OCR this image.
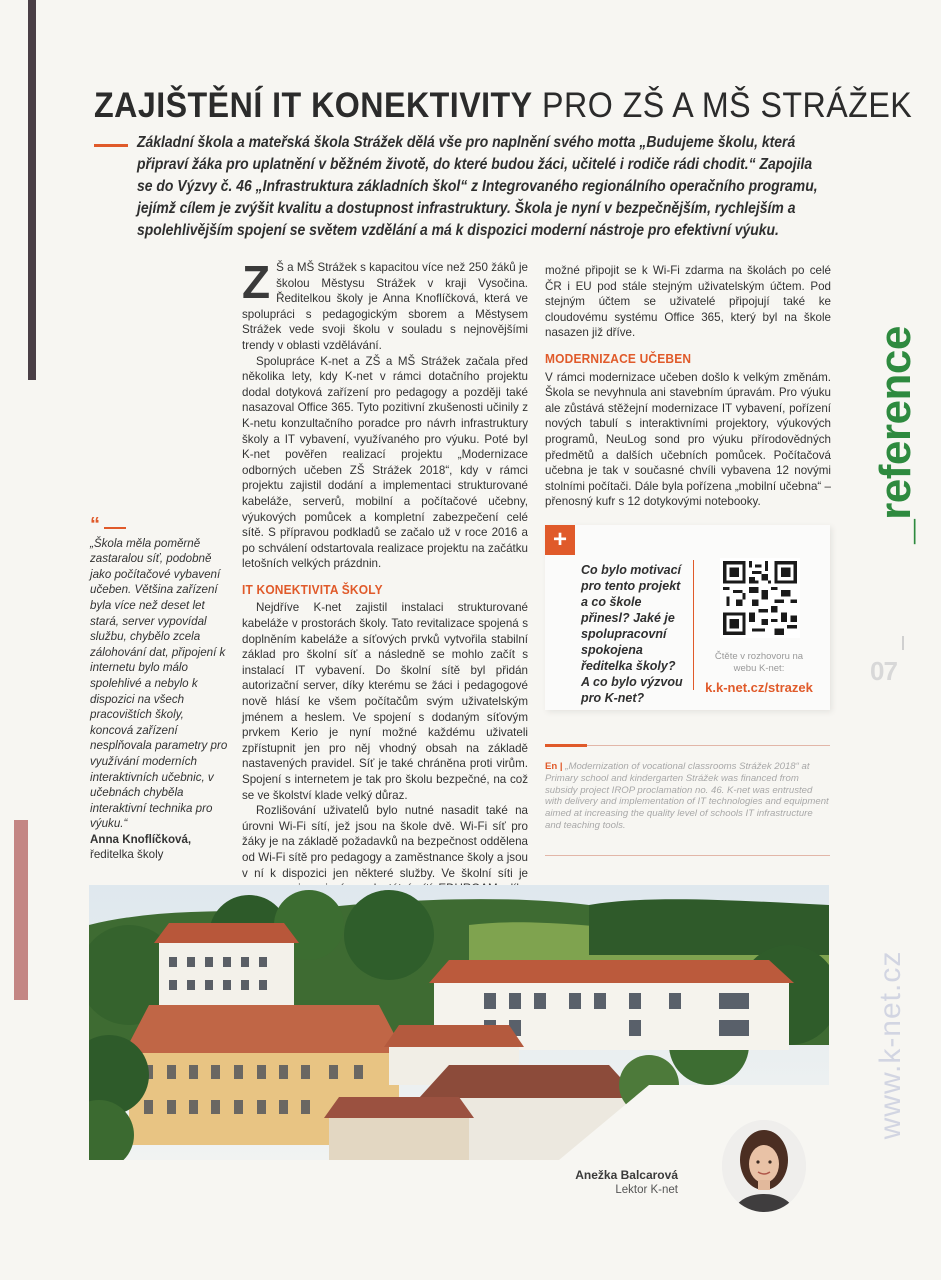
ZAJIŠTĚNÍ IT KONEKTIVITY PRO ZŠ A MŠ STRÁŽEK

Základní škola a mateřská škola Strážek dělá vše pro naplnění svého motta „Budujeme školu, která připraví žáka pro uplatnění v běžném životě, do které budou žáci, učitelé i rodiče rádi chodit.“ Zapojila se do Výzvy č. 46 „Infrastruktura základních škol“ z Integrovaného regionálního operačního programu, jejímž cílem je zvýšit kvalitu a dostupnost infrastruktury. Škola je nyní v bezpečnějším, rychlejším a spolehlivějším spojení se světem vzdělání a má k dispozici moderní nástroje pro efektivní výuku.

Z Š a MŠ Strážek s kapacitou více než 250 žáků je školou Městysu Strážek v kraji Vysočina. Ředitelkou školy je Anna Knoflíčková, která ve spolupráci s pedagogickým sborem a Městysem Strážek vede svoji školu v souladu s nejnovějšími trendy v oblasti vzdělávání.

Spolupráce K-net a ZŠ a MŠ Strážek začala před několika lety, kdy K-net v rámci dotačního projektu dodal dotyková zařízení pro pedagogy a později také nasazoval Office 365. Tyto pozitivní zkušenosti učinily z K-netu konzultačního poradce pro návrh infrastruktury školy a IT vybavení, využívaného pro výuku. Poté byl K-net pověřen realizací projektu „Modernizace odborných učeben ZŠ Strážek 2018“, kdy v rámci projektu zajistil dodání a implementaci strukturované kabeláže, serverů, mobilní a počítačové učebny, výukových pomůcek a kompletní zabezpečení celé sítě. S přípravou podkladů se začalo už v roce 2016 a po schválení odstartovala realizace projektu na začátku letošních velkých prázdnin.

IT KONEKTIVITA ŠKOLY

Nejdříve K-net zajistil instalaci strukturované kabeláže v prostorách školy. Tato revitalizace spojená s doplněním kabeláže a síťových prvků vytvořila stabilní základ pro školní síť a následně se mohlo začít s instalací IT vybavení. Do školní sítě byl přidán autorizační server, díky kterému se žáci i pedagogové nově hlásí ke všem počítačům svým uživatelským jménem a heslem. Ve spojení s dodaným síťovým prvkem Kerio je nyní možné každému uživateli zpřístupnit jen pro něj vhodný obsah na základě nastavených pravidel. Síť je také chráněna proti virům. Spojení s internetem je tak pro školu bezpečné, na což se ve školství klade velký důraz.

Rozlišování uživatelů bylo nutné nasadit také na úrovni Wi-Fi sítí, jež jsou na škole dvě. Wi-Fi síť pro žáky je na základě požadavků na bezpečnost oddělena od Wi-Fi sítě pro pedagogy a zaměstnance školy a jsou v ní k dispozici jen některé služby. Ve školní síti je

možné připojit se k Wi-Fi zdarma na školách po celé ČR i EU pod stále stejným uživatelským účtem. Pod stejným účtem se uživatelé připojují také ke cloudovému systému Office 365, který byl na škole nasazen již dříve.

MODERNIZACE UČEBEN

V rámci modernizace učeben došlo k velkým změnám. Škola se nevyhnula ani stavebním úpravám. Pro výuku ale zůstává stěžejní modernizace IT vybavení, pořízení nových tabulí s interaktivními projektory, výukových programů, NeuLog sond pro výuku přírodovědných předmětů a dalších učebních pomůcek. Počítačová učebna je tak v současné chvíli vybavena 12 novými stolními počítači. Dále byla pořízena „mobilní učebna“ – přenosný kufr s 12 dotykovými notebooky.

“
„Škola měla poměrně zastaralou síť, podobně jako počítačové vybavení učeben. Většina zařízení byla více než deset let stará, server vypovídal službu, chybělo zcela zálohování dat, připojení k internetu bylo málo spolehlivé a nebylo k dispozici na všech pracovištích školy, koncová zařízení nesplňovala parametry pro využívání moderních interaktivních učebnic, v učebnách chyběla interaktivní technika pro výuku.“
Anna Knoflíčková,
ředitelka školy
+
Co bylo motivací pro tento projekt a co škole přinesl? Jaké je spolupracovní spokojena ředitelka školy? A co bylo výzvou pro K-net?
Čtěte v rozhovoru na webu K-net:
k.k-net.cz/strazek

En | „Modernization of vocational classrooms Strážek 2018“ at Primary school and kindergarten Strážek was financed from subsidy project IROP proclamation no. 46. K-net was entrusted with delivery and implementation of IT technologies and equipment aimed at increasing the quality level of schools IT infrastructure and teaching tools.

_reference
07
www.k-net.cz
Anežka Balcarová
Lektor K-net
